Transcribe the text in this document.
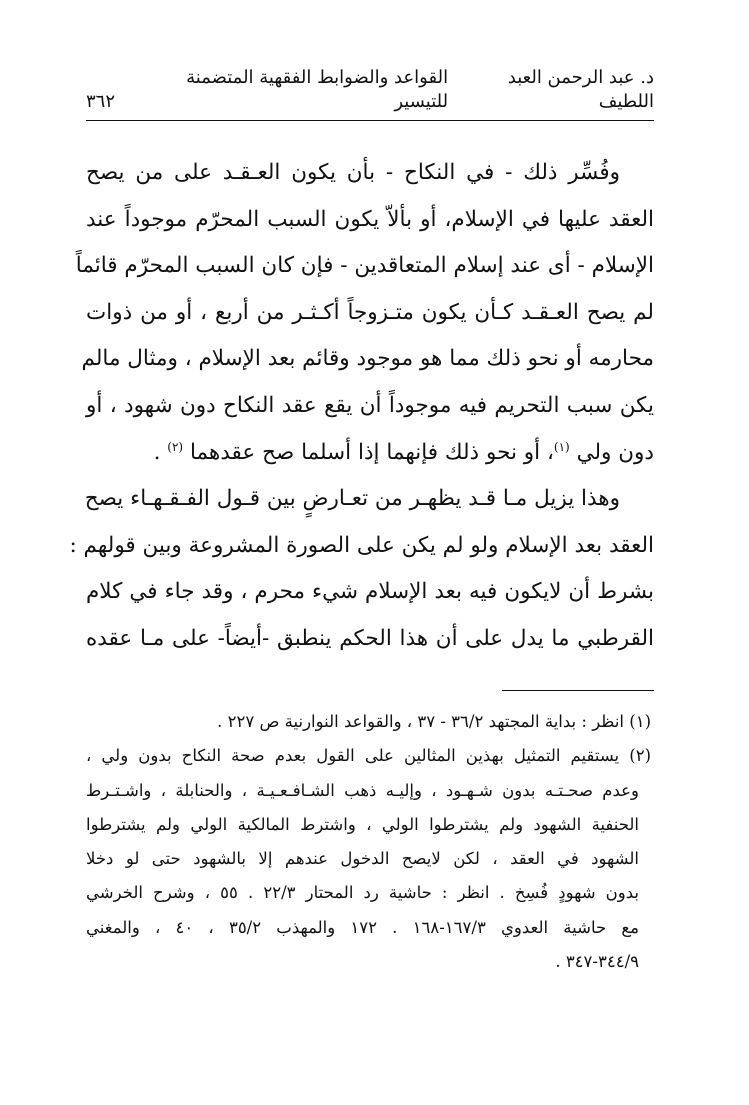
د. عبد الرحمن العبد اللطيف
القواعد والضوابط الفقهية المتضمنة للتيسير
٣٦٢
وفُسِّر ذلك - في النكاح - بأن يكون العـقـد على من يصح
العقد عليها في الإسلام، أو بألاّ يكون السبب المحرّم موجوداً عند
الإسلام - أى عند إسلام المتعاقدين - فإن كان السبب المحرّم قائماً
لم يصح العـقـد كـأن يكون متـزوجاً أكـثـر من أربع ، أو من ذوات
محارمه أو نحو ذلك مما هو موجود وقائم بعد الإسلام ، ومثال مالم
يكن سبب التحريم فيه موجوداً أن يقع عقد النكاح دون شهود ، أو
دون ولي $^{(١)}$، أو نحو ذلك فإنهما إذا أسلما صح عقدهما $^{(٢)}$ .
وهذا يزيل مـا قـد يظهـر من تعـارضٍ بين قـول الفـقـهـاء يصح
العقد بعد الإسلام ولو لم يكن على الصورة المشروعة وبين قولهم :
بشرط أن لايكون فيه بعد الإسلام شيء محرم ، وقد جاء في كلام
القرطبي ما يدل على أن هذا الحكم ينطبق -أيضاً- على مـا عقده
(١) انظر : بداية المجتهد ٣٦/٢ - ٣٧ ، والقواعد النوارنية ص ٢٢٧ .
(٢) يستقيم التمثيل بهذين المثالين على القول بعدم صحة النكاح بدون ولي ،
وعدم صحـتـه بدون شـهـود ، وإليـه ذهب الشـافـعـيـة ، والحنابلة ، واشـتـرط
الحنفية الشهود ولم يشترطوا الولي ، واشترط المالكية الولي ولم يشترطوا
الشهود في العقد ، لكن لايصح الدخول عندهم إلا بالشهود حتى لو دخلا
بدون شهودٍ فُسِخ . انظر : حاشية رد المحتار ٢٢/٣ . ٥٥ ، وشرح الخرشي
مع حاشية العدوي ١٦٧/٣-١٦٨ . ١٧٢ والمهذب ٣٥/٢ ، ٤٠ ، والمغني
٣٤٤/٩-٣٤٧ .
